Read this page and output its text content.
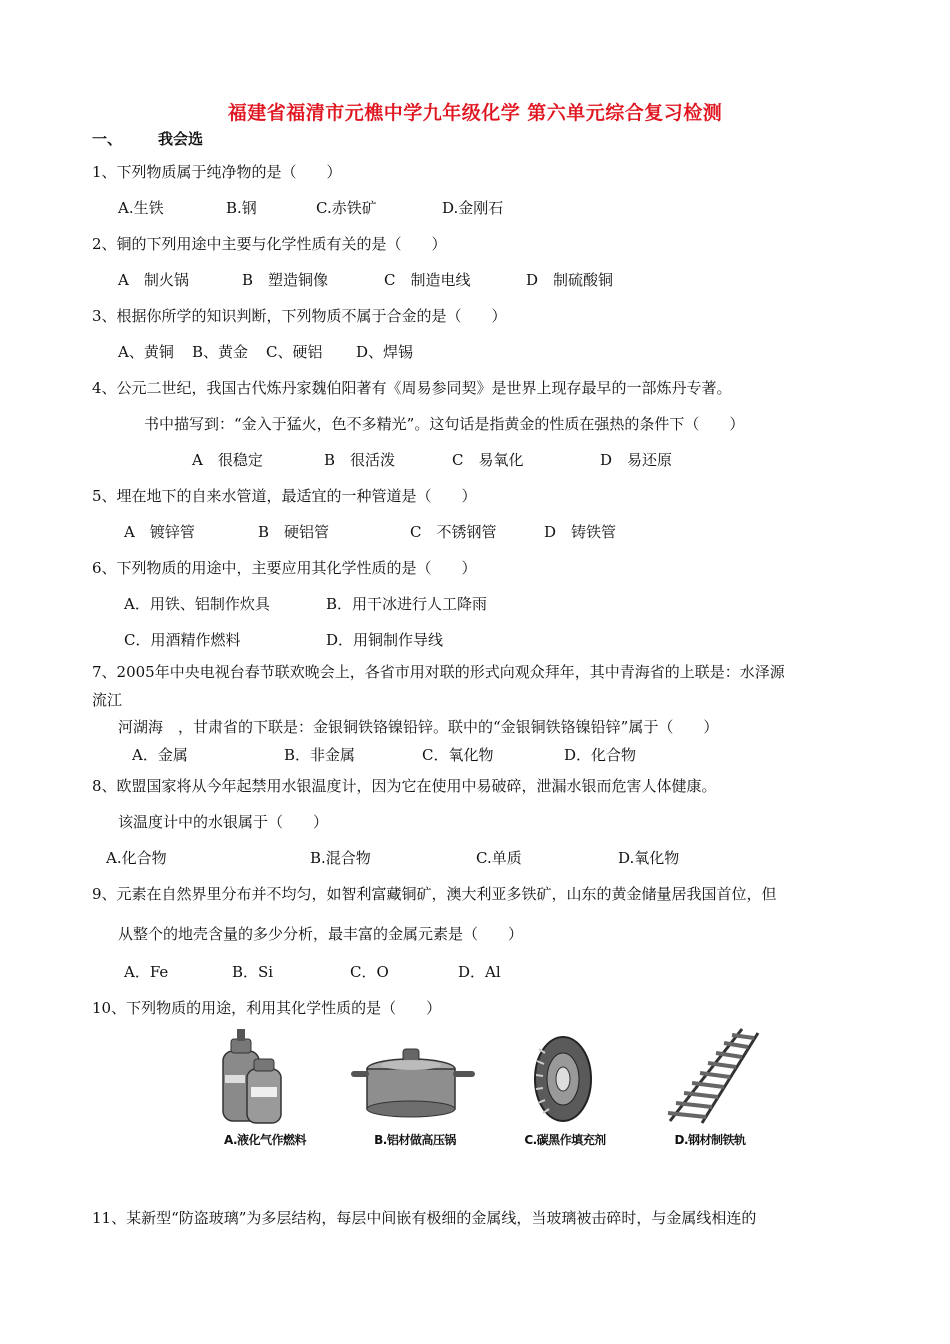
福建省福清市元樵中学九年级化学 第六单元综合复习检测
一、 我会选
1、下列物质属于纯净物的是（　　）
A.生铁	B.钢	C.赤铁矿	D.金刚石
2、铜的下列用途中主要与化学性质有关的是（　　）
A　制火锅	B　塑造铜像	C　制造电线	D　制硫酸铜
3、根据你所学的知识判断，下列物质不属于合金的是（　　）
A、黄铜 B、黄金 C、硬铝 D、焊锡
4、公元二世纪，我国古代炼丹家魏伯阳著有《周易参同契》是世界上现存最早的一部炼丹专著。
书中描写到：“金入于猛火，色不多精光”。这句话是指黄金的性质在强热的条件下（　　）
A　很稳定	B　很活泼	C　易氧化	D　易还原
5、埋在地下的自来水管道，最适宜的一种管道是（　　）
A　镀锌管	B　硬铝管	C　不锈钢管	D　铸铁管
6、下列物质的用途中，主要应用其化学性质的是（　　）
A．用铁、铝制作炊具	B．用干冰进行人工降雨
C．用酒精作燃料	D．用铜制作导线
7、2005年中央电视台春节联欢晚会上，各省市用对联的形式向观众拜年，其中青海省的上联是：水泽源
流江
河湖海　，甘肃省的下联是：金银铜铁铬镍铅锌。联中的“金银铜铁铬镍铅锌”属于（　　）
A．金属	B．非金属	C．氧化物	D．化合物
8、欧盟国家将从今年起禁用水银温度计，因为它在使用中易破碎，泄漏水银而危害人体健康。
该温度计中的水银属于（　　）
A.化合物	B.混合物	C.单质	D.氧化物
9、元素在自然界里分布并不均匀，如智利富藏铜矿，澳大利亚多铁矿，山东的黄金储量居我国首位，但
从整个的地壳含量的多少分析，最丰富的金属元素是（　　）
A．Fe	B．Si	C．O	D．Al
10、下列物质的用途，利用其化学性质的是（　　）
A.液化气作燃料	B.铝材做高压锅	C.碳黑作填充剂	D.钢材制铁轨
11、某新型“防盗玻璃”为多层结构，每层中间嵌有极细的金属线，当玻璃被击碎时，与金属线相连的
